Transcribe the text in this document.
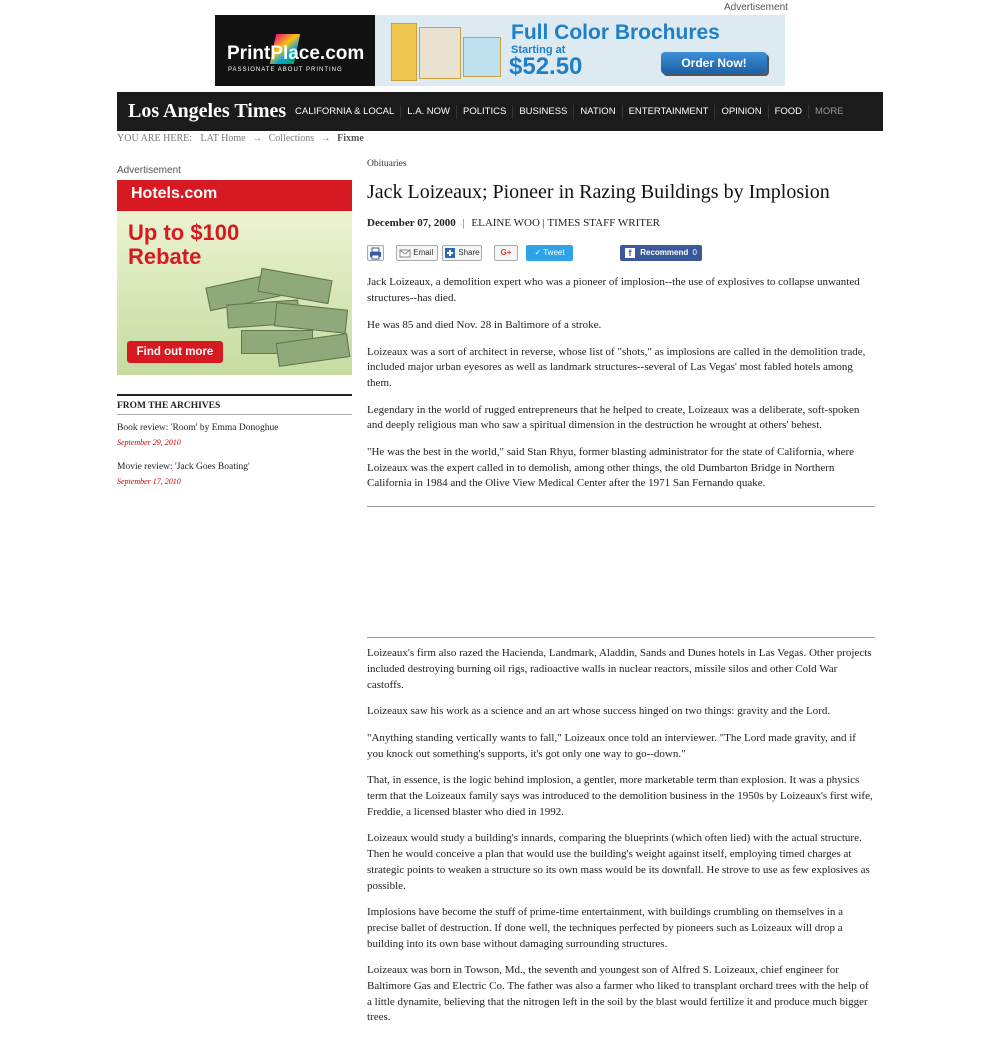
Advertisement
PrintPlace.com
PASSIONATE ABOUT PRINTING
Full Color Brochures
Starting at
$52.50	Order Now!
Los Angeles Times CALIFORNIA & LOCAL	L.A. NOW	POLITICS	BUSINESS	NATION	ENTERTAINMENT	OPINION	FOOD	MORE
YOU ARE HERE: LAT Home → Collections → Fixme
Advertisement
Hotels.com
Up to $100
Rebate
Find out more
FROM THE ARCHIVES
Book review: 'Room' by Emma Donoghue
September 29, 2010
Movie review: 'Jack Goes Boating'
September 17, 2010
Obituaries
Jack Loizeaux; Pioneer in Razing Buildings by Implosion
December 07, 2000 | ELAINE WOO | TIMES STAFF WRITER
Email	Share	G+	✓ Tweet	f Recommend 0

Jack Loizeaux, a demolition expert who was a pioneer of implosion--the use of explosives to collapse unwanted structures--has died.

He was 85 and died Nov. 28 in Baltimore of a stroke.

Loizeaux was a sort of architect in reverse, whose list of "shots," as implosions are called in the demolition trade, included major urban eyesores as well as landmark structures--several of Las Vegas' most fabled hotels among them.

Legendary in the world of rugged entrepreneurs that he helped to create, Loizeaux was a deliberate, soft-spoken and deeply religious man who saw a spiritual dimension in the destruction he wrought at others' behest.

"He was the best in the world," said Stan Rhyu, former blasting administrator for the state of California, where Loizeaux was the expert called in to demolish, among other things, the old Dumbarton Bridge in Northern California in 1984 and the Olive View Medical Center after the 1971 San Fernando quake.

Loizeaux's firm also razed the Hacienda, Landmark, Aladdin, Sands and Dunes hotels in Las Vegas. Other projects included destroying burning oil rigs, radioactive walls in nuclear reactors, missile silos and other Cold War castoffs.

Loizeaux saw his work as a science and an art whose success hinged on two things: gravity and the Lord.

"Anything standing vertically wants to fall," Loizeaux once told an interviewer. "The Lord made gravity, and if you knock out something's supports, it's got only one way to go--down."

That, in essence, is the logic behind implosion, a gentler, more marketable term than explosion. It was a physics term that the Loizeaux family says was introduced to the demolition business in the 1950s by Loizeaux's first wife, Freddie, a licensed blaster who died in 1992.

Loizeaux would study a building's innards, comparing the blueprints (which often lied) with the actual structure. Then he would conceive a plan that would use the building's weight against itself, employing timed charges at strategic points to weaken a structure so its own mass would be its downfall. He strove to use as few explosives as possible.

Implosions have become the stuff of prime-time entertainment, with buildings crumbling on themselves in a precise ballet of destruction. If done well, the techniques perfected by pioneers such as Loizeaux will drop a building into its own base without damaging surrounding structures.

Loizeaux was born in Towson, Md., the seventh and youngest son of Alfred S. Loizeaux, chief engineer for Baltimore Gas and Electric Co. The father was also a farmer who liked to transplant orchard trees with the help of a little dynamite, believing that the nitrogen left in the soil by the blast would fertilize it and produce much bigger trees.
